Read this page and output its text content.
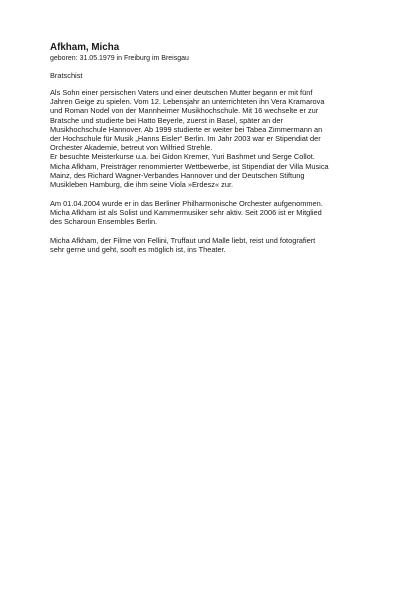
Afkham, Micha

geboren: 31.05.1979 in Freiburg im Breisgau

Bratschist

Als Sohn einer persischen Vaters und einer deutschen Mutter begann er mit fünf
Jahren Geige zu spielen. Vom 12. Lebensjahr an unterrichteten ihn Vera Kramarova
und Roman Nodel von der Mannheimer Musikhochschule. Mit 16 wechselte er zur
Bratsche und studierte bei Hatto Beyerle, zuerst in Basel, später an der
Musikhochschule Hannover. Ab 1999 studierte er weiter bei Tabea Zimmermann an
der Hochschule für Musik „Hanns Eisler“ Berlin. Im Jahr 2003 war er Stipendiat der
Orchester Akademie, betreut von Wilfried Strehle.
Er besuchte Meisterkurse u.a. bei Gidon Kremer, Yuri Bashmet und Serge Collot.
Micha Afkham, Preisträger renommierter Wettbewerbe, ist Stipendiat der Villa Musica
Mainz, des Richard Wagner-Verbandes Hannover und der Deutschen Stiftung
Musikleben Hamburg, die ihm seine Viola »Erdesz« zur.

Am 01.04.2004 wurde er in das Berliner Philharmonische Orchester aufgenommen.
Micha Afkham ist als Solist und Kammermusiker sehr aktiv. Seit 2006 ist er Mitglied
des Scharoun Ensembles Berlin.

Micha Afkham, der Filme von Fellini, Truffaut und Malle liebt, reist und fotografiert
sehr gerne und geht, sooft es möglich ist, ins Theater.
